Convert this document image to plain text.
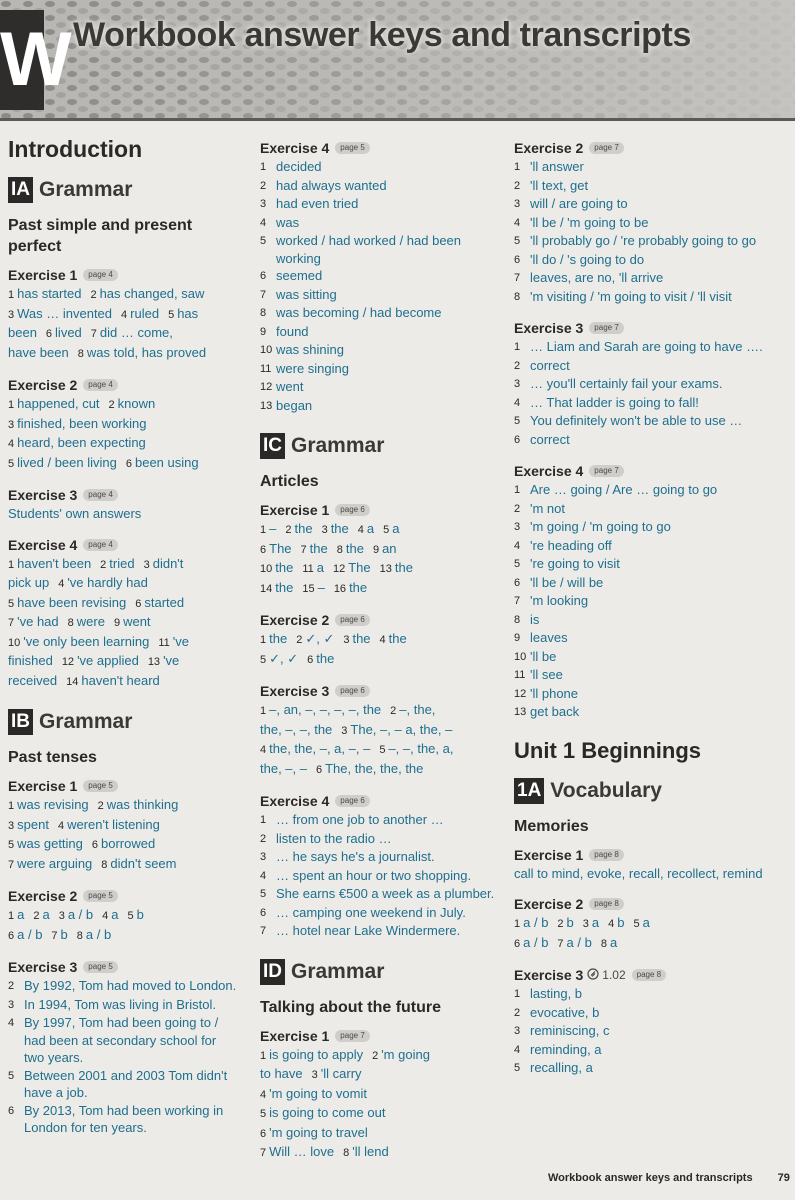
W Workbook answer keys and transcripts
Introduction
IA Grammar
Past simple and present perfect
Exercise 1	page 4
1 has started 2 has changed, saw
3 Was … invented 4 ruled 5 has
been 6 lived 7 did … come,
have been 8 was told, has proved
Exercise 2	page 4
1 happened, cut 2 known
3 finished, been working
4 heard, been expecting
5 lived / been living 6 been using
Exercise 3	page 4
Students' own answers
Exercise 4	page 4
1 haven't been 2 tried 3 didn't
pick up 4 've hardly had
5 have been revising 6 started
7 've had 8 were 9 went
10 've only been learning 11 've
finished 12 've applied 13 've
received 14 haven't heard
IB Grammar
Past tenses
Exercise 1	page 5
1 was revising 2 was thinking
3 spent 4 weren't listening
5 was getting 6 borrowed
7 were arguing 8 didn't seem
Exercise 2	page 5
1 a 2 a 3 a / b 4 a 5 b
6 a / b 7 b 8 a / b
Exercise 3	page 5
2 By 1992, Tom had moved to London.
3 In 1994, Tom was living in Bristol.
4 By 1997, Tom had been going to / had been at secondary school for two years.
5 Between 2001 and 2003 Tom didn't have a job.
6 By 2013, Tom had been working in London for ten years.
Exercise 4	page 5
1 decided
2 had always wanted
3 had even tried
4 was
5 worked / had worked / had been working
6 seemed
7 was sitting
8 was becoming / had become
9 found
10 was shining
11 were singing
12 went
13 began
IC Grammar
Articles
Exercise 1	page 6
1 – 2 the 3 the 4 a 5 a
6 The 7 the 8 the 9 an
10 the 11 a 12 The 13 the
14 the 15 – 16 the
Exercise 2	page 6
1 the 2 ✓, ✓ 3 the 4 the
5 ✓, ✓ 6 the
Exercise 3	page 6
1 –, an, –, –, –, –, the 2 –, the,
the, –, –, the 3 The, –, – a, the, –
4 the, the, –, a, –, – 5 –, –, the, a,
the, –, – 6 The, the, the, the
Exercise 4	page 6
1 … from one job to another …
2 listen to the radio …
3 … he says he's a journalist.
4 … spent an hour or two shopping.
5 She earns €500 a week as a plumber.
6 … camping one weekend in July.
7 … hotel near Lake Windermere.
ID Grammar
Talking about the future
Exercise 1	page 7
1 is going to apply 2 'm going
to have 3 'll carry
4 'm going to vomit
5 is going to come out
6 'm going to travel
7 Will … love 8 'll lend
Exercise 2	page 7
1 'll answer
2 'll text, get
3 will / are going to
4 'll be / 'm going to be
5 'll probably go / 're probably going to go
6 'll do / 's going to do
7 leaves, are no, 'll arrive
8 'm visiting / 'm going to visit / 'll visit
Exercise 3	page 7
1 … Liam and Sarah are going to have ….
2 correct
3 … you'll certainly fail your exams.
4 … That ladder is going to fall!
5 You definitely won't be able to use …
6 correct
Exercise 4	page 7
1 Are … going / Are … going to go
2 'm not
3 'm going / 'm going to go
4 're heading off
5 're going to visit
6 'll be / will be
7 'm looking
8 is
9 leaves
10 'll be
11 'll see
12 'll phone
13 get back
Unit 1 Beginnings
1A Vocabulary
Memories
Exercise 1	page 8
call to mind, evoke, recall, recollect, remind
Exercise 2	page 8
1 a / b 2 b 3 a 4 b 5 a
6 a / b 7 a / b 8 a
Exercise 3 1.02	page 8
1 lasting, b
2 evocative, b
3 reminiscing, c
4 reminding, a
5 recalling, a
Workbook answer keys and transcripts 79
